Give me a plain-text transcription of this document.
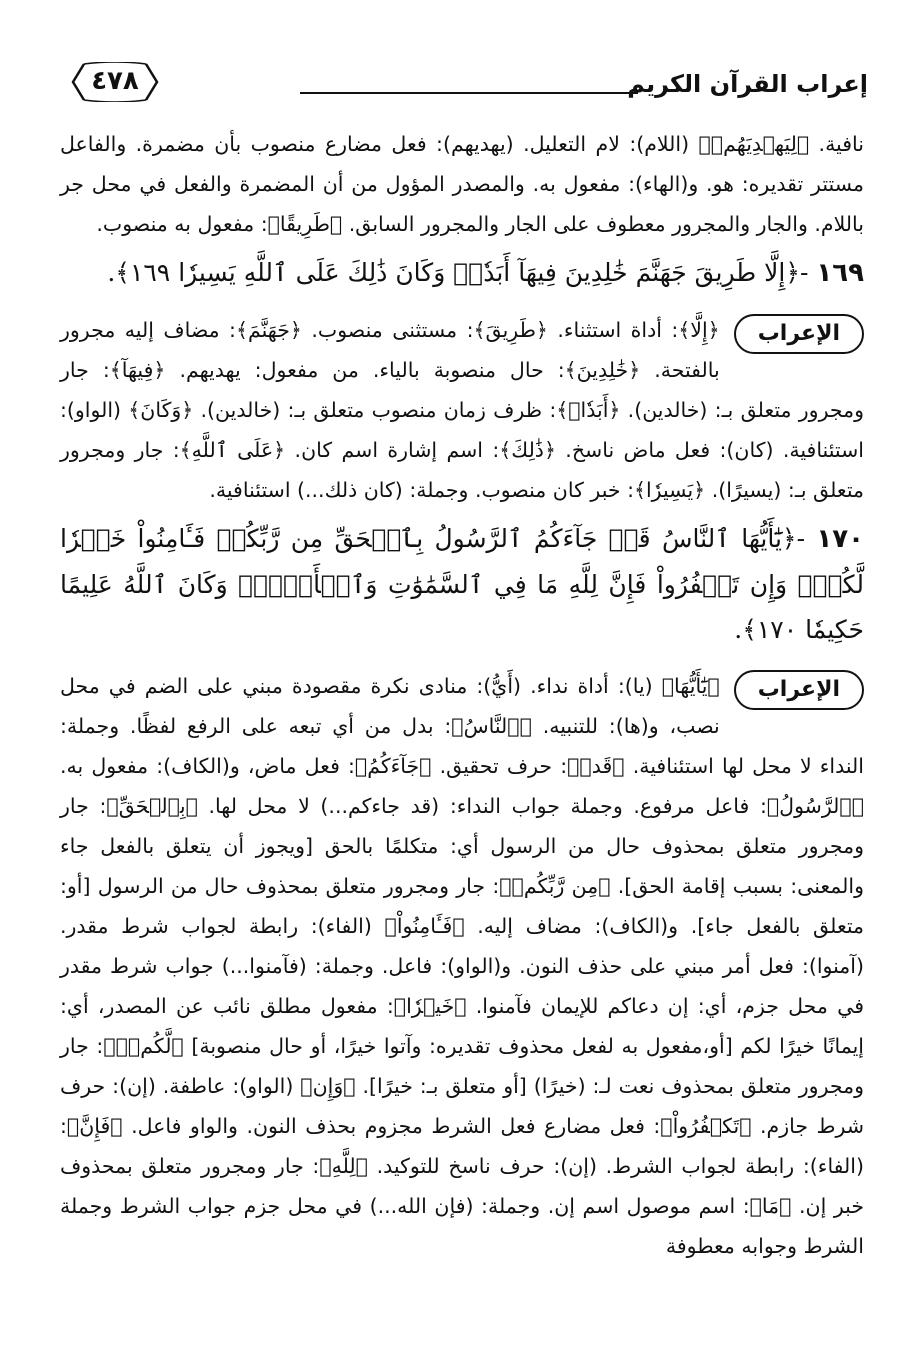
إعراب القرآن الكريم
٤٧٨

نافية. ﴿لِيَهۡدِيَهُمۡ﴾ (اللام): لام التعليل. (يهديهم): فعل مضارع منصوب بأن مضمرة. والفاعل مستتر تقديره: هو. و(الهاء): مفعول به. والمصدر المؤول من أن المضمرة والفعل في محل جر باللام. والجار والمجرور معطوف على الجار والمجرور السابق. ﴿طَرِيقًا﴾: مفعول به منصوب.

١٦٩ -﴿إِلَّا طَرِيقَ جَهَنَّمَ خَٰلِدِينَ فِيهَآ أَبَدٗاۚ وَكَانَ ذَٰلِكَ عَلَى ٱللَّهِ يَسِيرٗا ١٦٩﴾.

الإعراب

﴿إِلَّا﴾: أداة استثناء. ﴿طَرِيقَ﴾: مستثنى منصوب. ﴿جَهَنَّمَ﴾: مضاف إليه مجرور بالفتحة. ﴿خَٰلِدِينَ﴾: حال منصوبة بالياء. من مفعول: يهديهم. ﴿فِيهَآ﴾: جار ومجرور متعلق بـ: (خالدين). ﴿أَبَدٗاۚ﴾: ظرف زمان منصوب متعلق بـ: (خالدين). ﴿وَكَانَ﴾ (الواو): استئنافية. (كان): فعل ماض ناسخ. ﴿ذَٰلِكَ﴾: اسم إشارة اسم كان. ﴿عَلَى ٱللَّهِ﴾: جار ومجرور متعلق بـ: (يسيرًا). ﴿يَسِيرٗا﴾: خبر كان منصوب. وجملة: (كان ذلك...) استئنافية.

١٧٠ -﴿يَٰٓأَيُّهَا ٱلنَّاسُ قَدۡ جَآءَكُمُ ٱلرَّسُولُ بِٱلۡحَقِّ مِن رَّبِّكُمۡ فَـَٔامِنُواْ خَيۡرٗا لَّكُمۡۚ وَإِن تَكۡفُرُواْ فَإِنَّ لِلَّهِ مَا فِي ٱلسَّمَٰوَٰتِ وَٱلۡأَرۡضِۚ وَكَانَ ٱللَّهُ عَلِيمًا حَكِيمٗا ١٧٠﴾.

الإعراب

﴿يَٰٓأَيُّهَا﴾ (يا): أداة نداء. (أَيُّ): منادى نكرة مقصودة مبني على الضم في محل نصب، و(ها): للتنبيه. ﴿ٱلنَّاسُ﴾: بدل من أي تبعه على الرفع لفظًا. وجملة: النداء لا محل لها استئنافية. ﴿قَدۡ﴾: حرف تحقيق. ﴿جَآءَكُمُ﴾: فعل ماض، و(الكاف): مفعول به. ﴿ٱلرَّسُولُ﴾: فاعل مرفوع. وجملة جواب النداء: (قد جاءكم...) لا محل لها. ﴿بِٱلۡحَقِّ﴾: جار ومجرور متعلق بمحذوف حال من الرسول أي: متكلمًا بالحق [ويجوز أن يتعلق بالفعل جاء والمعنى: بسبب إقامة الحق]. ﴿مِن رَّبِّكُمۡ﴾: جار ومجرور متعلق بمحذوف حال من الرسول [أو: متعلق بالفعل جاء]. و(الكاف): مضاف إليه. ﴿فَـَٔامِنُواْ﴾ (الفاء): رابطة لجواب شرط مقدر. (آمنوا): فعل أمر مبني على حذف النون. و(الواو): فاعل. وجملة: (فآمنوا...) جواب شرط مقدر في محل جزم، أي: إن دعاكم للإيمان فآمنوا. ﴿خَيۡرٗا﴾: مفعول مطلق نائب عن المصدر، أي: إيمانًا خيرًا لكم [أو،مفعول به لفعل محذوف تقديره: وآتوا خيرًا، أو حال منصوبة] ﴿لَّكُمۡۚ﴾: جار ومجرور متعلق بمحذوف نعت لـ: (خيرًا) [أو متعلق بـ: خيرًا]. ﴿وَإِن﴾ (الواو): عاطفة. (إن): حرف شرط جازم. ﴿تَكۡفُرُواْ﴾: فعل مضارع فعل الشرط مجزوم بحذف النون. والواو فاعل. ﴿فَإِنَّ﴾: (الفاء): رابطة لجواب الشرط. (إن): حرف ناسخ للتوكيد. ﴿لِلَّهِ﴾: جار ومجرور متعلق بمحذوف خبر إن. ﴿مَا﴾: اسم موصول اسم إن. وجملة: (فإن الله...) في محل جزم جواب الشرط وجملة الشرط وجوابه معطوفة
